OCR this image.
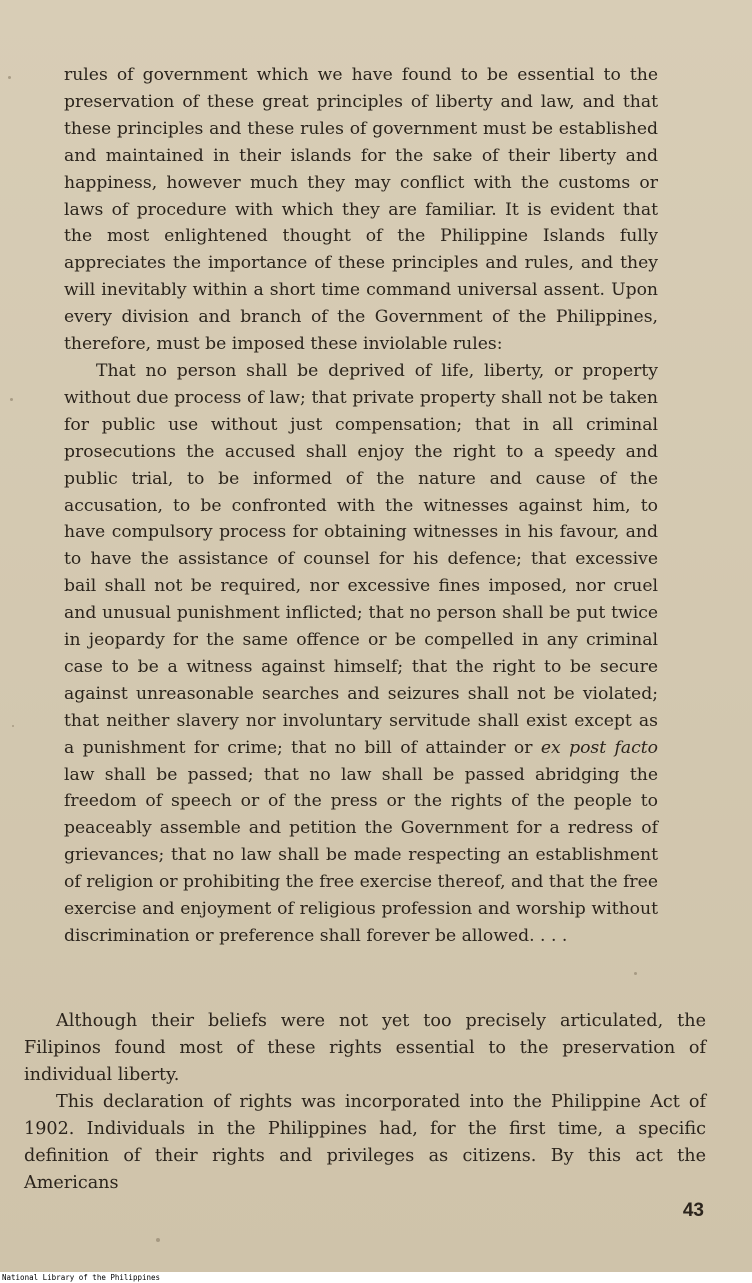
rules of government which we have found to be essential to the preservation of these great principles of liberty and law, and that these principles and these rules of government must be established and maintained in their islands for the sake of their liberty and happiness, however much they may conflict with the customs or laws of procedure with which they are familiar. It is evident that the most enlightened thought of the Philippine Islands fully appreciates the importance of these principles and rules, and they will inevitably within a short time command universal assent. Upon every division and branch of the Government of the Philippines, therefore, must be imposed these inviolable rules:

That no person shall be deprived of life, liberty, or property without due process of law; that private property shall not be taken for public use without just compensation; that in all criminal prosecutions the accused shall enjoy the right to a speedy and public trial, to be informed of the nature and cause of the accusation, to be confronted with the witnesses against him, to have compulsory process for obtaining witnesses in his favour, and to have the assistance of counsel for his defence; that excessive bail shall not be required, nor excessive fines imposed, nor cruel and unusual punishment inflicted; that no person shall be put twice in jeopardy for the same offence or be compelled in any criminal case to be a witness against himself; that the right to be secure against unreasonable searches and seizures shall not be violated; that neither slavery nor involuntary servitude shall exist except as a punishment for crime; that no bill of attainder or ex post facto law shall be passed; that no law shall be passed abridging the freedom of speech or of the press or the rights of the people to peaceably assemble and petition the Government for a redress of grievances; that no law shall be made respecting an establishment of religion or prohibiting the free exercise thereof, and that the free exercise and enjoyment of religious profession and worship without discrimination or preference shall forever be allowed. . . .

Although their beliefs were not yet too precisely articulated, the Filipinos found most of these rights essential to the preservation of individual liberty.

This declaration of rights was incorporated into the Philippine Act of 1902. Individuals in the Philippines had, for the first time, a specific definition of their rights and privileges as citizens. By this act the Americans

43
National Library of the Philippines
